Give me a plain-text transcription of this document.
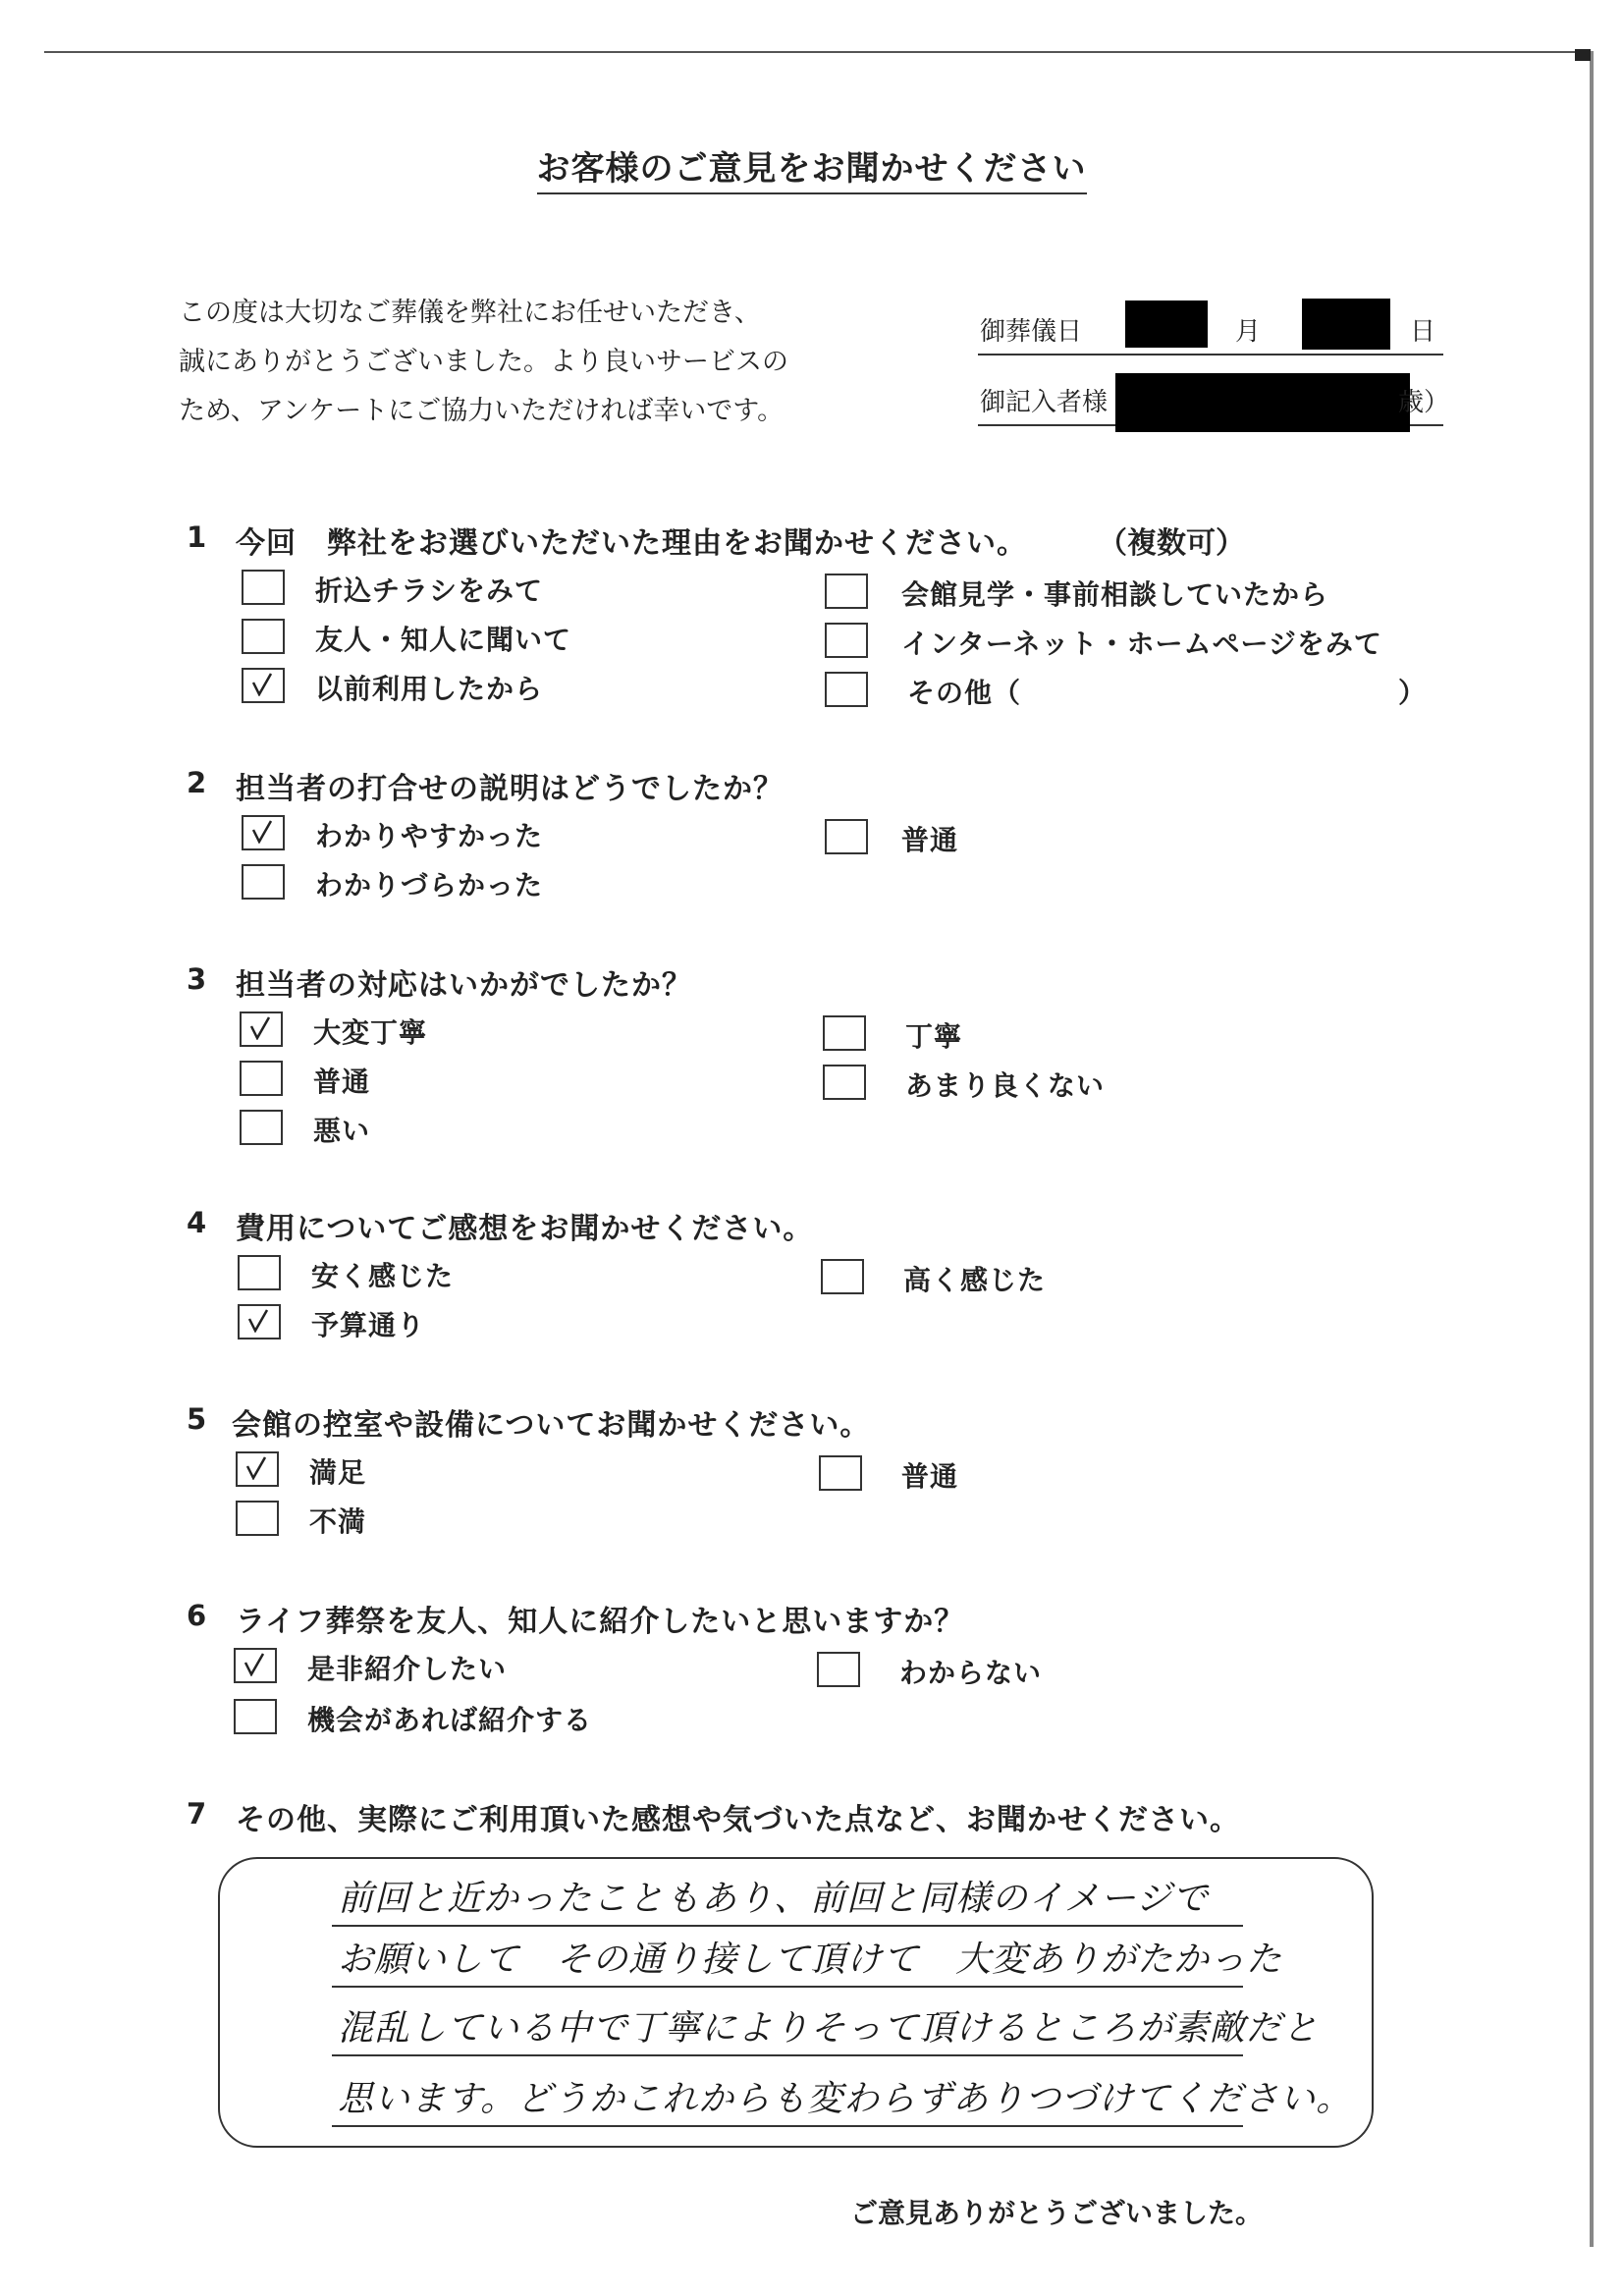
お客様のご意見をお聞かせください
この度は大切なご葬儀を弊社にお任せいただき、
誠にありがとうございました。より良いサービスの
ため、アンケートにご協力いただければ幸いです。
御葬儀日	月	日
御記入者様	歳）
1 今回　弊社をお選びいただいた理由をお聞かせください。 （複数可）
折込チラシをみて
友人・知人に聞いて
以前利用したから
会館見学・事前相談していたから
インターネット・ホームページをみて
その他（	）
2 担当者の打合せの説明はどうでしたか？
わかりやすかった
わかりづらかった
普通
3 担当者の対応はいかがでしたか？
大変丁寧
普通
悪い
丁寧
あまり良くない
4 費用についてご感想をお聞かせください。
安く感じた
予算通り
高く感じた
5 会館の控室や設備についてお聞かせください。
満足
不満
普通
6 ライフ葬祭を友人、知人に紹介したいと思いますか？
是非紹介したい
機会があれば紹介する
わからない
7 その他、実際にご利用頂いた感想や気づいた点など、お聞かせください。
前回と近かったこともあり、前回と同様のイメージで
お願いして　その通り接して頂けて　大変ありがたかった
混乱している中で丁寧によりそって頂けるところが素敵だと
思います。どうかこれからも変わらずありつづけてください。
ご意見ありがとうございました。
